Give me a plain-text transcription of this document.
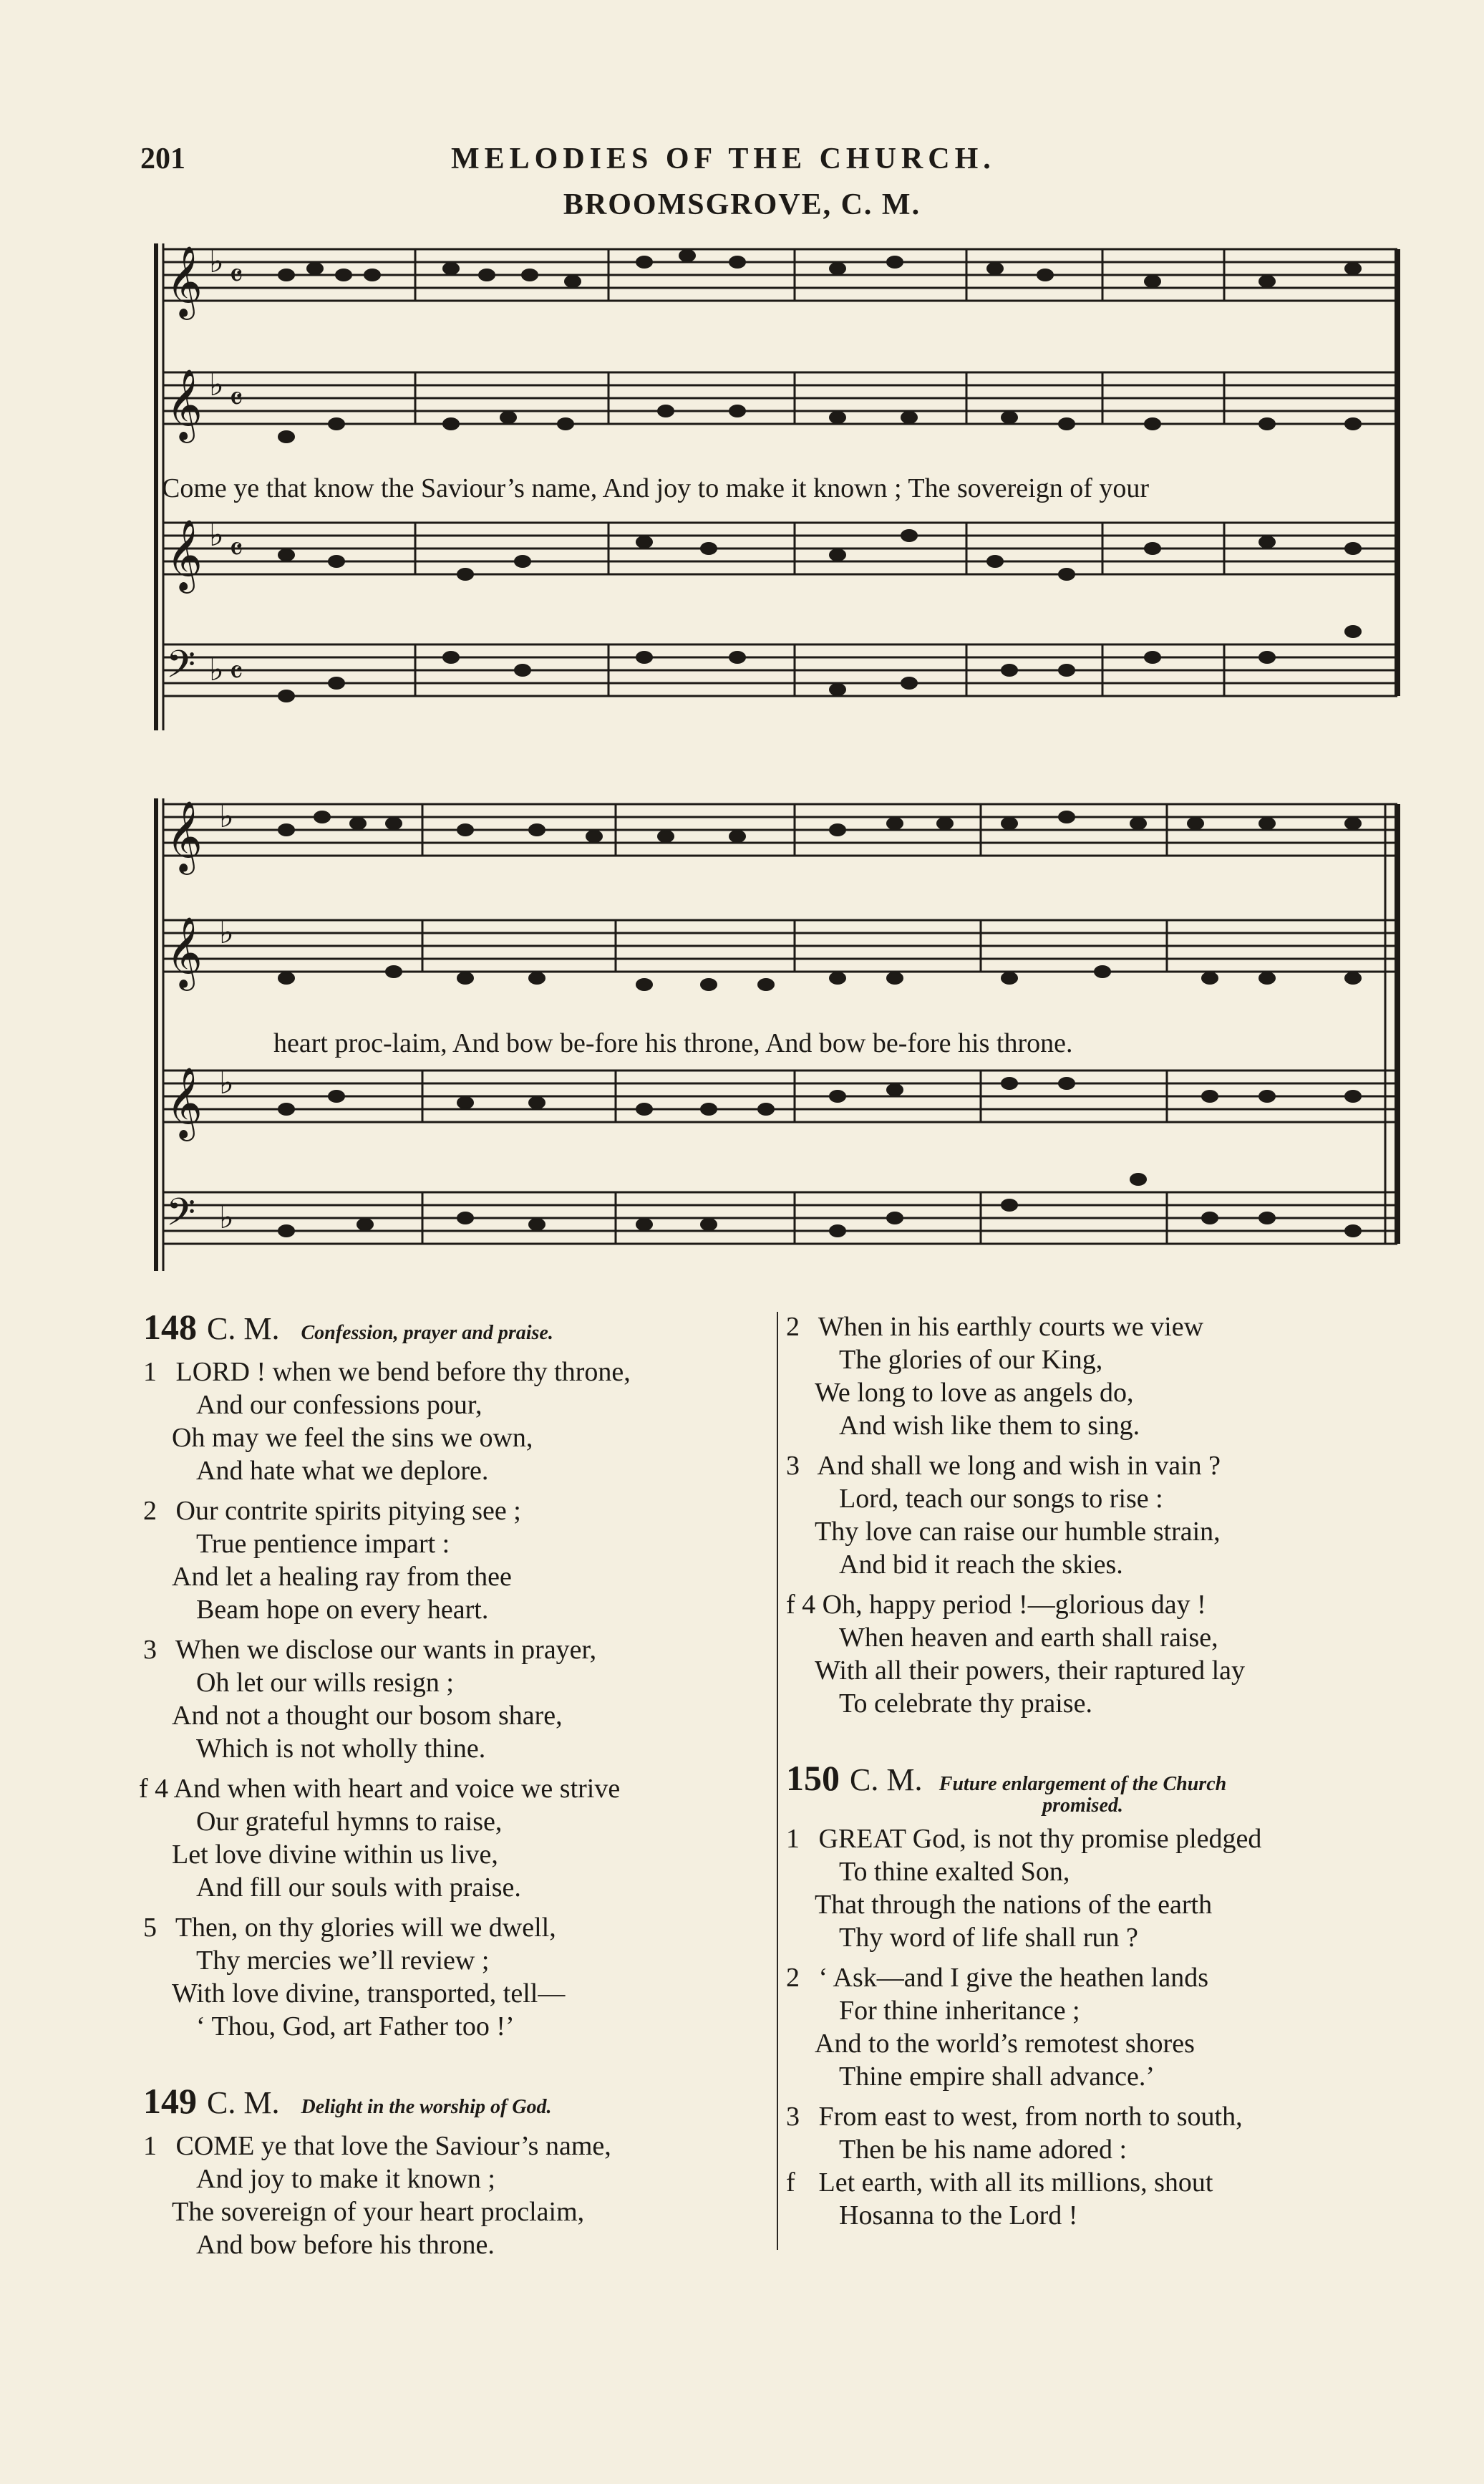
201	MELODIES OF THE CHURCH.
BROOMSGROVE, C. M.
𝄞
𝄞
𝄞
𝄢
♭
♭
♭
♭
𝄴
𝄴
𝄴
𝄴
Come ye that know the Saviour’s name, And joy to make it known ; The sovereign of your
𝄞
𝄞
𝄞
𝄢
♭
♭
♭
♭
heart proc-laim, And bow be-fore his throne, And bow be-fore his throne.
148 C. M. Confession, prayer and praise.
1 LORD ! when we bend before thy throne,
And our confessions pour,
Oh may we feel the sins we own,
And hate what we deplore.
2 Our contrite spirits pitying see ;
True pentience impart :
And let a healing ray from thee
Beam hope on every heart.
3 When we disclose our wants in prayer,
Oh let our wills resign ;
And not a thought our bosom share,
Which is not wholly thine.
f 4 And when with heart and voice we strive
Our grateful hymns to raise,
Let love divine within us live,
And fill our souls with praise.
5 Then, on thy glories will we dwell,
Thy mercies we’ll review ;
With love divine, transported, tell—
‘ Thou, God, art Father too !’
149 C. M. Delight in the worship of God.
1 COME ye that love the Saviour’s name,
And joy to make it known ;
The sovereign of your heart proclaim,
And bow before his throne.
2 When in his earthly courts we view
The glories of our King,
We long to love as angels do,
And wish like them to sing.
3 And shall we long and wish in vain ?
Lord, teach our songs to rise :
Thy love can raise our humble strain,
And bid it reach the skies.
f 4 Oh, happy period !—glorious day !
When heaven and earth shall raise,
With all their powers, their raptured lay
To celebrate thy praise.
150 C. M. Future enlargement of the Church promised.
1 GREAT God, is not thy promise pledged
To thine exalted Son,
That through the nations of the earth
Thy word of life shall run ?
2 ‘ Ask—and I give the heathen lands
For thine inheritance ;
And to the world’s remotest shores
Thine empire shall advance.’
3 From east to west, from north to south,
Then be his name adored :
f Let earth, with all its millions, shout
Hosanna to the Lord !
